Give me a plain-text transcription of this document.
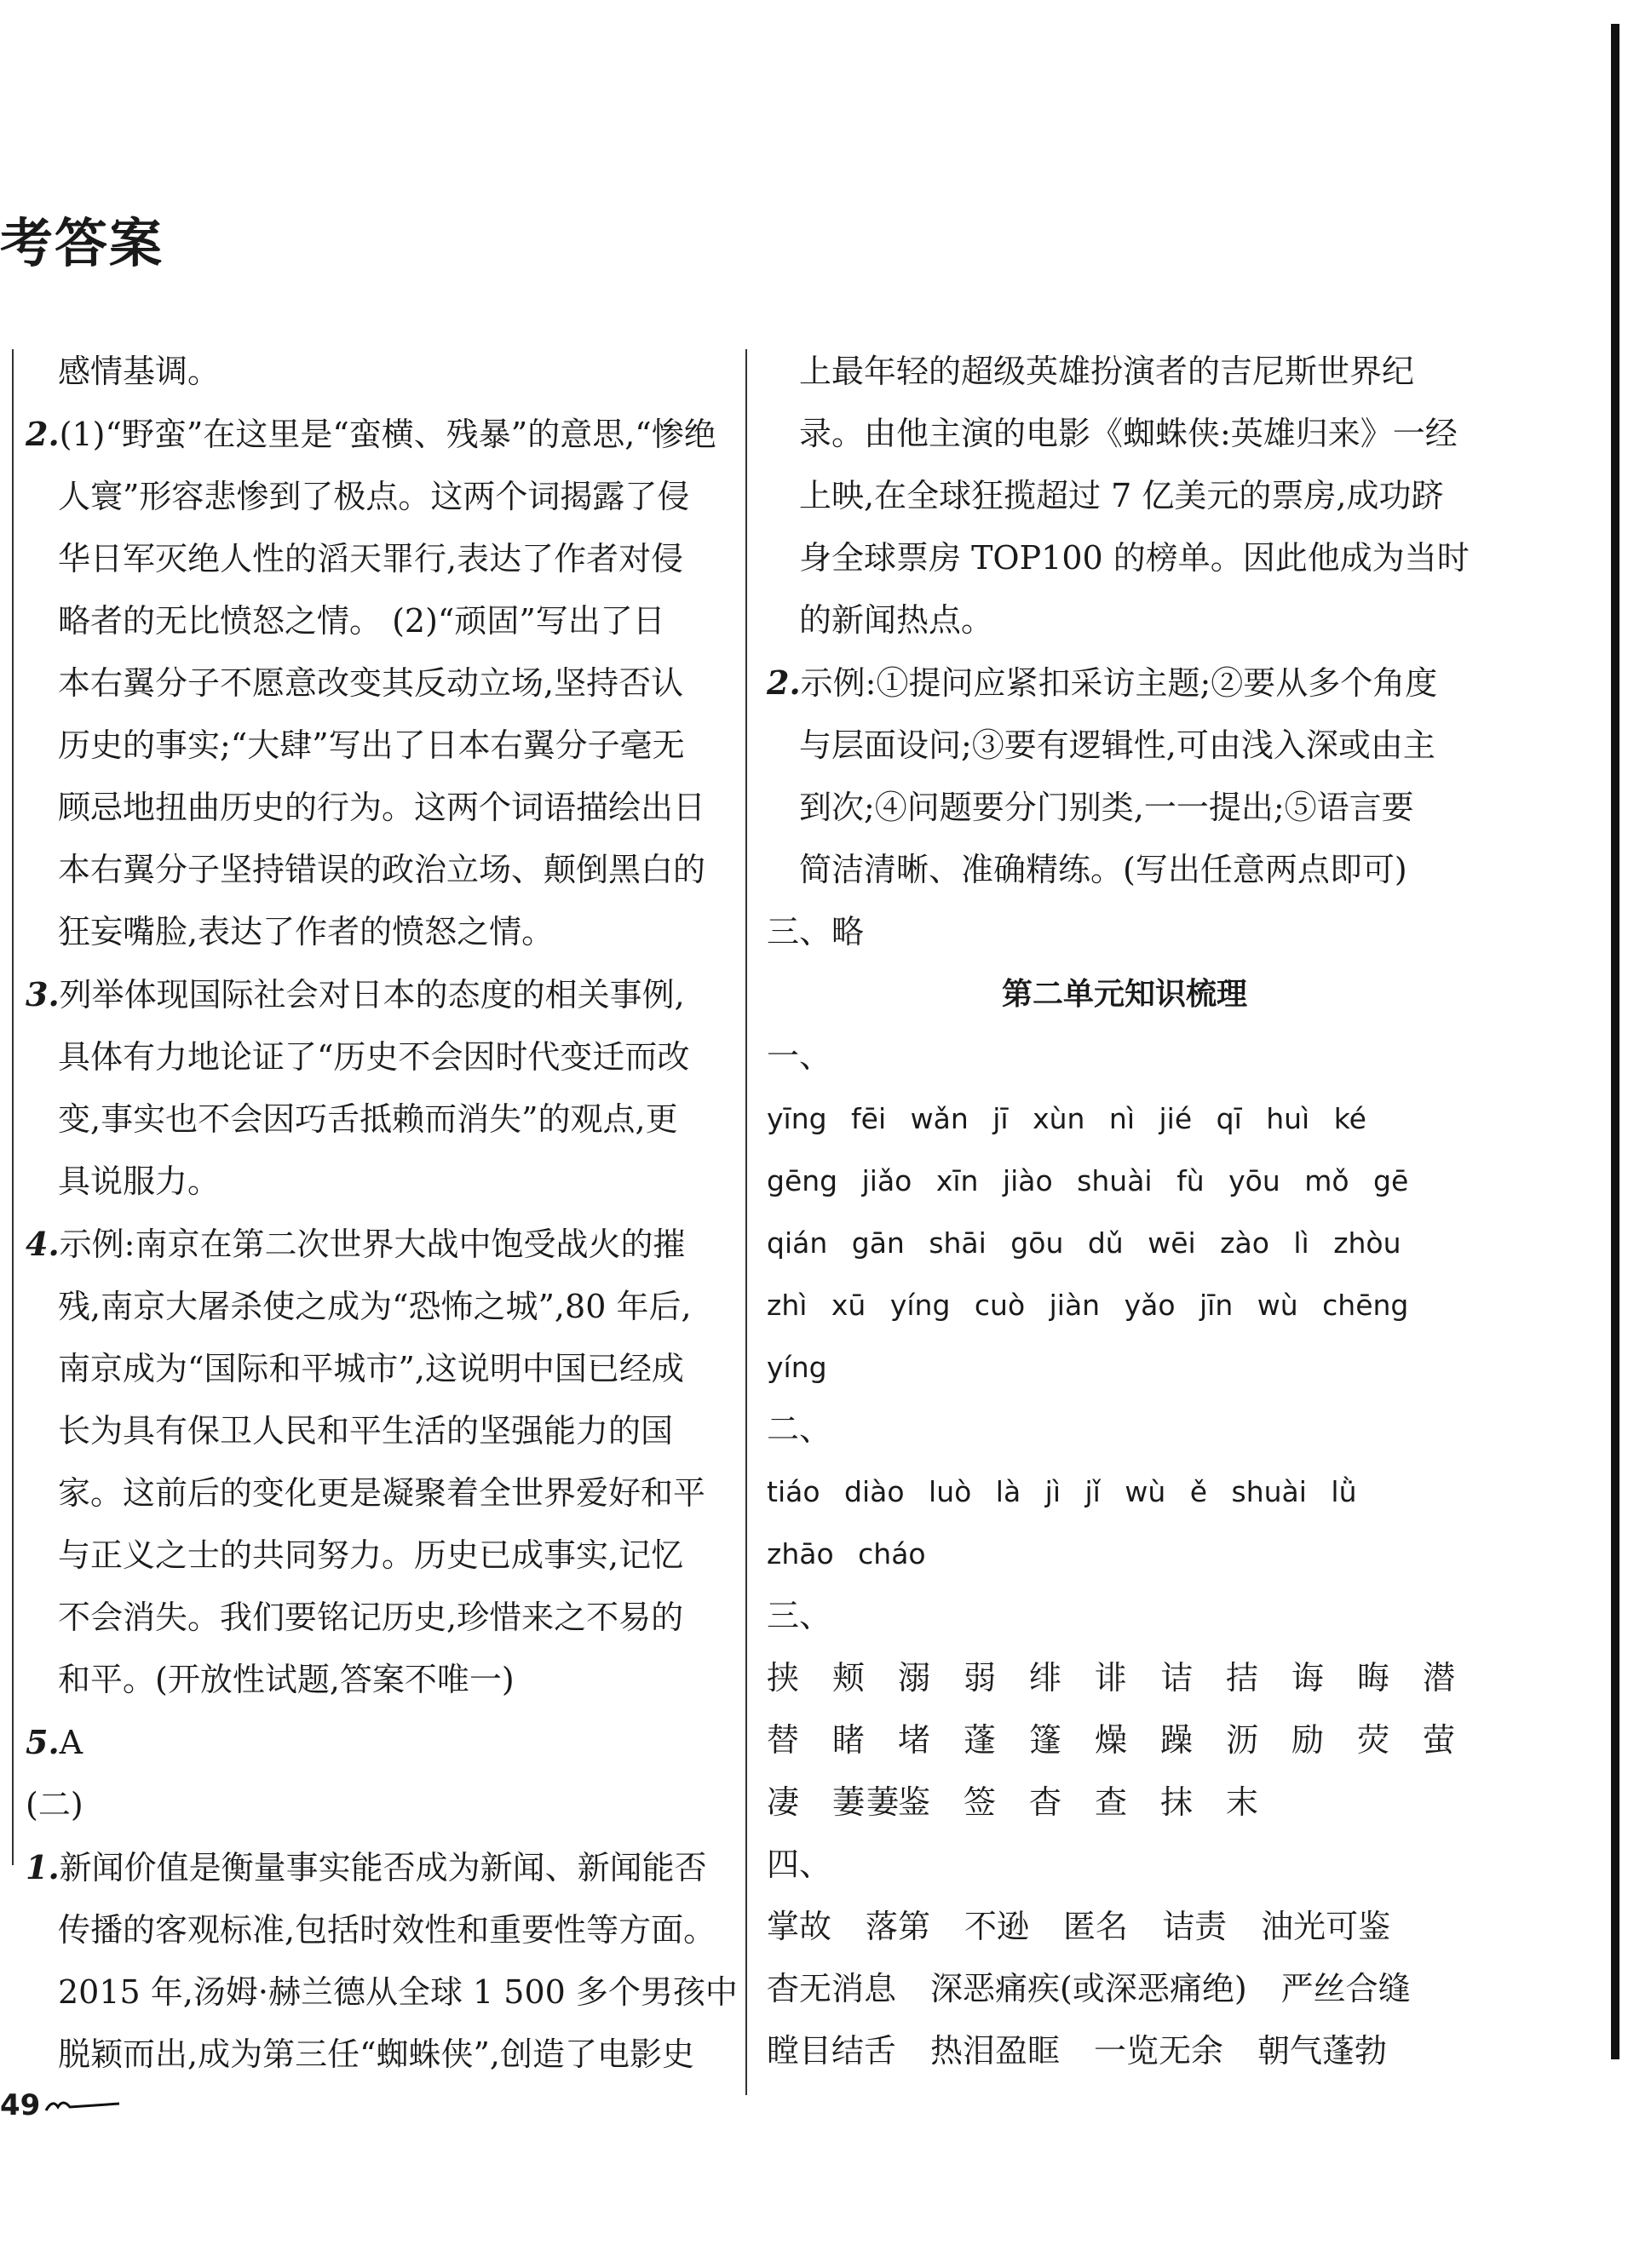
考答案

感情基调。

2.(1)“野蛮”在这里是“蛮横、残暴”的意思,“惨绝

人寰”形容悲惨到了极点。这两个词揭露了侵

华日军灭绝人性的滔天罪行,表达了作者对侵

略者的无比愤怒之情。 (2)“顽固”写出了日

本右翼分子不愿意改变其反动立场,坚持否认

历史的事实;“大肆”写出了日本右翼分子毫无

顾忌地扭曲历史的行为。这两个词语描绘出日

本右翼分子坚持错误的政治立场、颠倒黑白的

狂妄嘴脸,表达了作者的愤怒之情。

3.列举体现国际社会对日本的态度的相关事例,

具体有力地论证了“历史不会因时代变迁而改

变,事实也不会因巧舌抵赖而消失”的观点,更

具说服力。

4.示例:南京在第二次世界大战中饱受战火的摧

残,南京大屠杀使之成为“恐怖之城”,80 年后,

南京成为“国际和平城市”,这说明中国已经成

长为具有保卫人民和平生活的坚强能力的国

家。这前后的变化更是凝聚着全世界爱好和平

与正义之士的共同努力。历史已成事实,记忆

不会消失。我们要铭记历史,珍惜来之不易的

和平。(开放性试题,答案不唯一)

5.A

(二)

1.新闻价值是衡量事实能否成为新闻、新闻能否

传播的客观标准,包括时效性和重要性等方面。

2015 年,汤姆·赫兰德从全球 1 500 多个男孩中

脱颖而出,成为第三任“蜘蛛侠”,创造了电影史

上最年轻的超级英雄扮演者的吉尼斯世界纪

录。由他主演的电影《蜘蛛侠:英雄归来》一经

上映,在全球狂揽超过 7 亿美元的票房,成功跻

身全球票房 TOP100 的榜单。因此他成为当时

的新闻热点。

2.示例:①提问应紧扣采访主题;②要从多个角度

与层面设问;③要有逻辑性,可由浅入深或由主

到次;④问题要分门别类,一一提出;⑤语言要

简洁清晰、准确精练。(写出任意两点即可)

三、略

第二单元知识梳理

一、

yīng fēi wǎn jī xùn nì jié qī huì ké

gēng jiǎo xīn jiào shuài fù yōu mǒ gē

qián gān shāi gōu dǔ wēi zào lì zhòu

zhì xū yíng cuò jiàn yǎo jīn wù chēng

yíng

二、

tiáo diào luò là jì jǐ wù ě shuài lǜ

zhāo cháo

三、

挟 颊 溺 弱 绯 诽 诘 拮 诲 晦 潜

替 睹 堵 蓬 篷 燥 躁 沥 励 荧 萤

凄 萋萋鉴 签 杳 查 抹 末

四、

掌故 落第 不逊 匿名 诘责 油光可鉴

杳无消息 深恶痛疾(或深恶痛绝) 严丝合缝

瞠目结舌 热泪盈眶 一览无余 朝气蓬勃

49
